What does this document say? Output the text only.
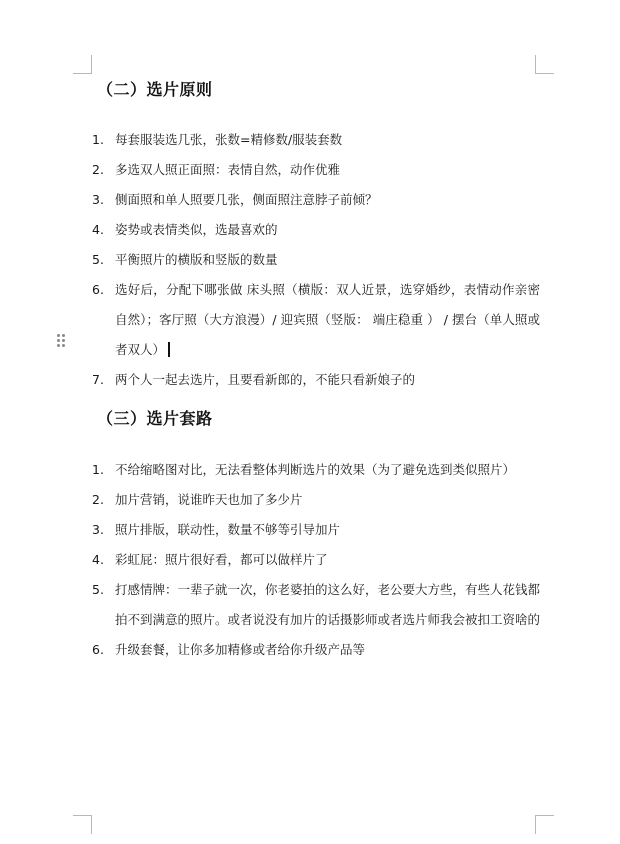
（二）选片原则
1. 每套服装选几张，张数=精修数/服装套数
2. 多选双人照正面照：表情自然，动作优雅
3. 侧面照和单人照要几张，侧面照注意脖子前倾？
4. 姿势或表情类似，选最喜欢的
5. 平衡照片的横版和竖版的数量
6. 选好后，分配下哪张做 床头照（横版：双人近景，选穿婚纱，表情动作亲密自然）；客厅照（大方浪漫）/ 迎宾照（竖版： 端庄稳重 ） / 摆台（单人照或者双人）
7. 两个人一起去选片，且要看新郎的，不能只看新娘子的
（三）选片套路
1. 不给缩略图对比，无法看整体判断选片的效果（为了避免选到类似照片）
2. 加片营销，说谁昨天也加了多少片
3. 照片排版，联动性，数量不够等引导加片
4. 彩虹屁：照片很好看，都可以做样片了
5. 打感情牌：一辈子就一次，你老婆拍的这么好，老公要大方些，有些人花钱都拍不到满意的照片。或者说没有加片的话摄影师或者选片师我会被扣工资啥的
6. 升级套餐，让你多加精修或者给你升级产品等
